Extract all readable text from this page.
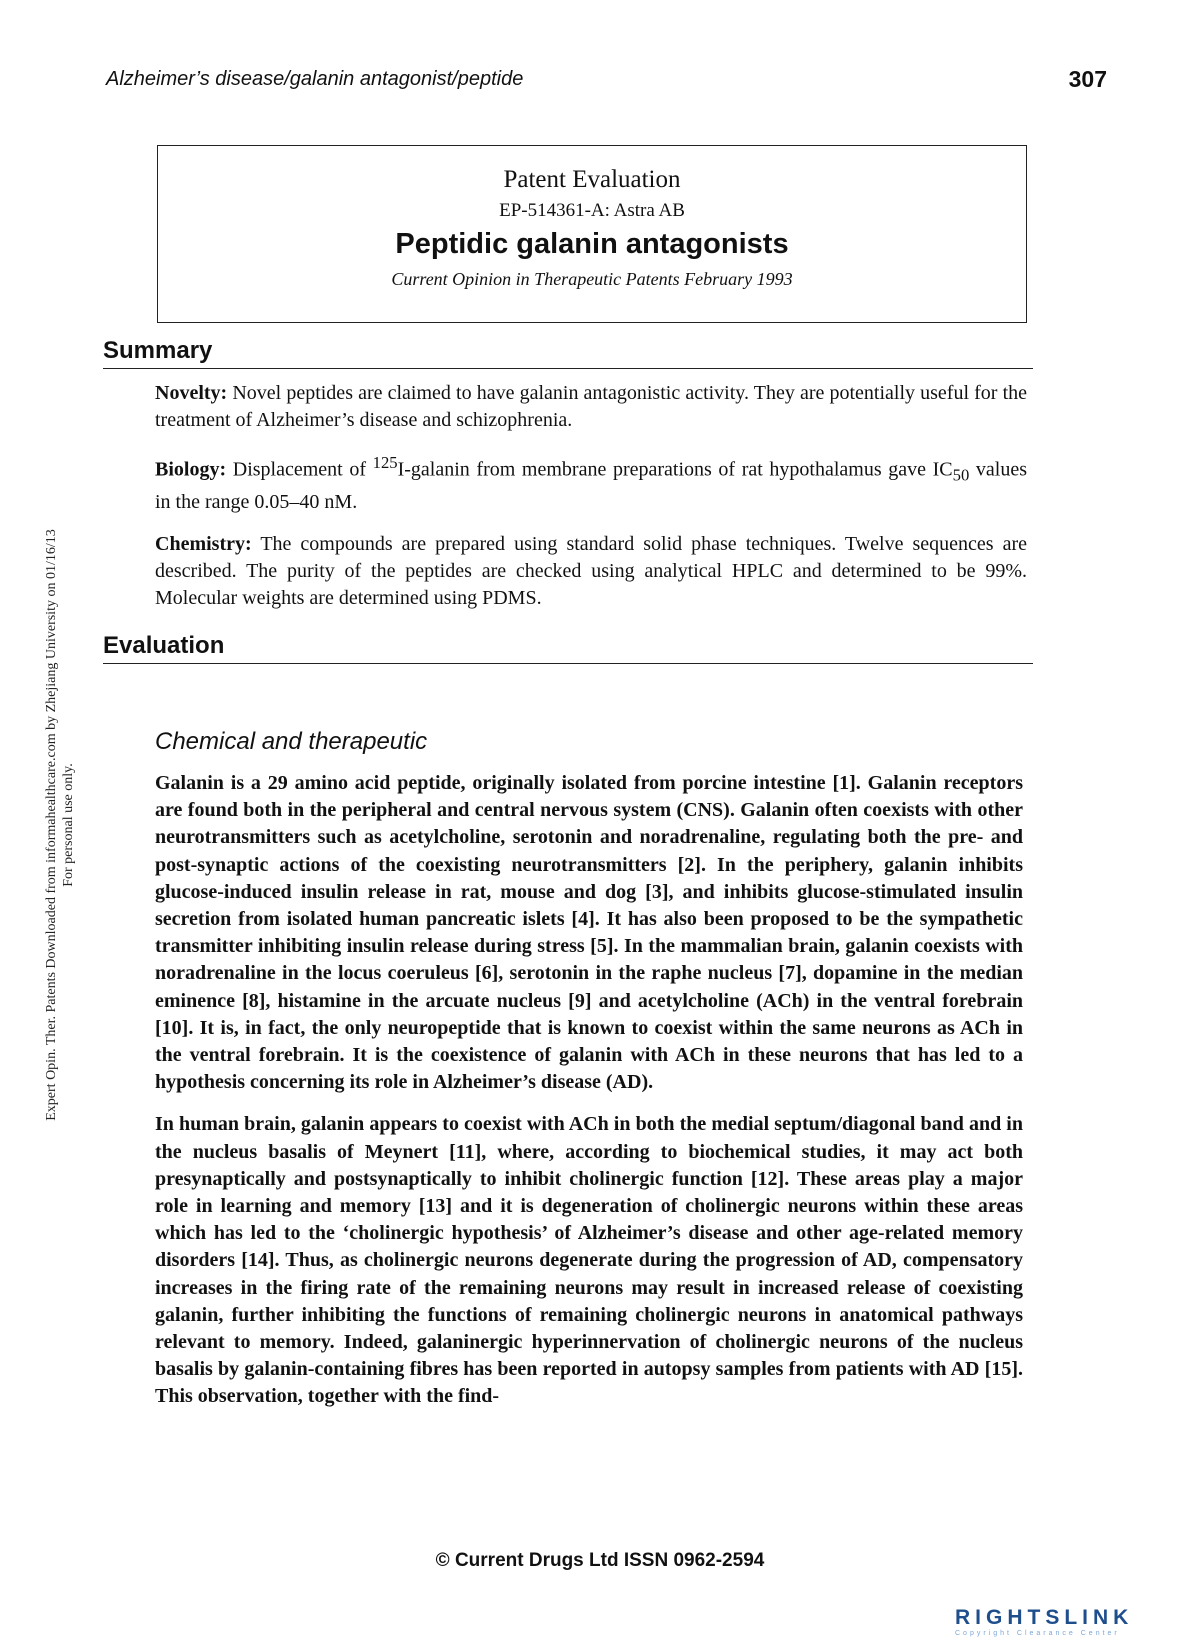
Alzheimer’s disease/galanin antagonist/peptide	307
Patent Evaluation
EP-514361-A: Astra AB
Peptidic galanin antagonists
Current Opinion in Therapeutic Patents February 1993
Summary

Novelty: Novel peptides are claimed to have galanin antagonistic activity. They are potentially useful for the treatment of Alzheimer’s disease and schizophrenia.

Biology: Displacement of $^{125}$I-galanin from membrane preparations of rat hypothalamus gave $IC_{50}$ values in the range 0.05–40 nM.

Chemistry: The compounds are prepared using standard solid phase techniques. Twelve sequences are described. The purity of the peptides are checked using analytical HPLC and determined to be 99%. Molecular weights are determined using PDMS.

Evaluation
Chemical and therapeutic

Galanin is a 29 amino acid peptide, originally isolated from porcine intestine [1]. Galanin receptors are found both in the peripheral and central nervous system (CNS). Galanin often coexists with other neurotransmitters such as acetylcholine, serotonin and noradrenaline, regulating both the pre- and post-synaptic actions of the coexisting neurotransmitters [2]. In the periphery, galanin inhibits glucose-induced insulin release in rat, mouse and dog [3], and inhibits glucose-stimulated insulin secretion from isolated human pancreatic islets [4]. It has also been proposed to be the sympathetic transmitter inhibiting insulin release during stress [5]. In the mammalian brain, galanin coexists with noradrenaline in the locus coeruleus [6], serotonin in the raphe nucleus [7], dopamine in the median eminence [8], histamine in the arcuate nucleus [9] and acetylcholine (ACh) in the ventral forebrain [10]. It is, in fact, the only neuropeptide that is known to coexist within the same neurons as ACh in the ventral forebrain. It is the coexistence of galanin with ACh in these neurons that has led to a hypothesis concerning its role in Alzheimer’s disease (AD).

In human brain, galanin appears to coexist with ACh in both the medial septum/diagonal band and in the nucleus basalis of Meynert [11], where, according to biochemical studies, it may act both presynaptically and postsynaptically to inhibit cholinergic function [12]. These areas play a major role in learning and memory [13] and it is degeneration of cholinergic neurons within these areas which has led to the ‘cholinergic hypothesis’ of Alzheimer’s disease and other age-related memory disorders [14]. Thus, as cholinergic neurons degenerate during the progression of AD, compensatory increases in the firing rate of the remaining neurons may result in increased release of coexisting galanin, further inhibiting the functions of remaining cholinergic neurons in anatomical pathways relevant to memory. Indeed, galaninergic hyperinnervation of cholinergic neurons of the nucleus basalis by galanin-containing fibres has been reported in autopsy samples from patients with AD [15]. This observation, together with the find-

Expert Opin. Ther. Patents Downloaded from informahealthcare.com by Zhejiang University on 01/16/13 For personal use only.
© Current Drugs Ltd ISSN 0962-2594
RIGHTSLINK
Copyright Clearance Center
